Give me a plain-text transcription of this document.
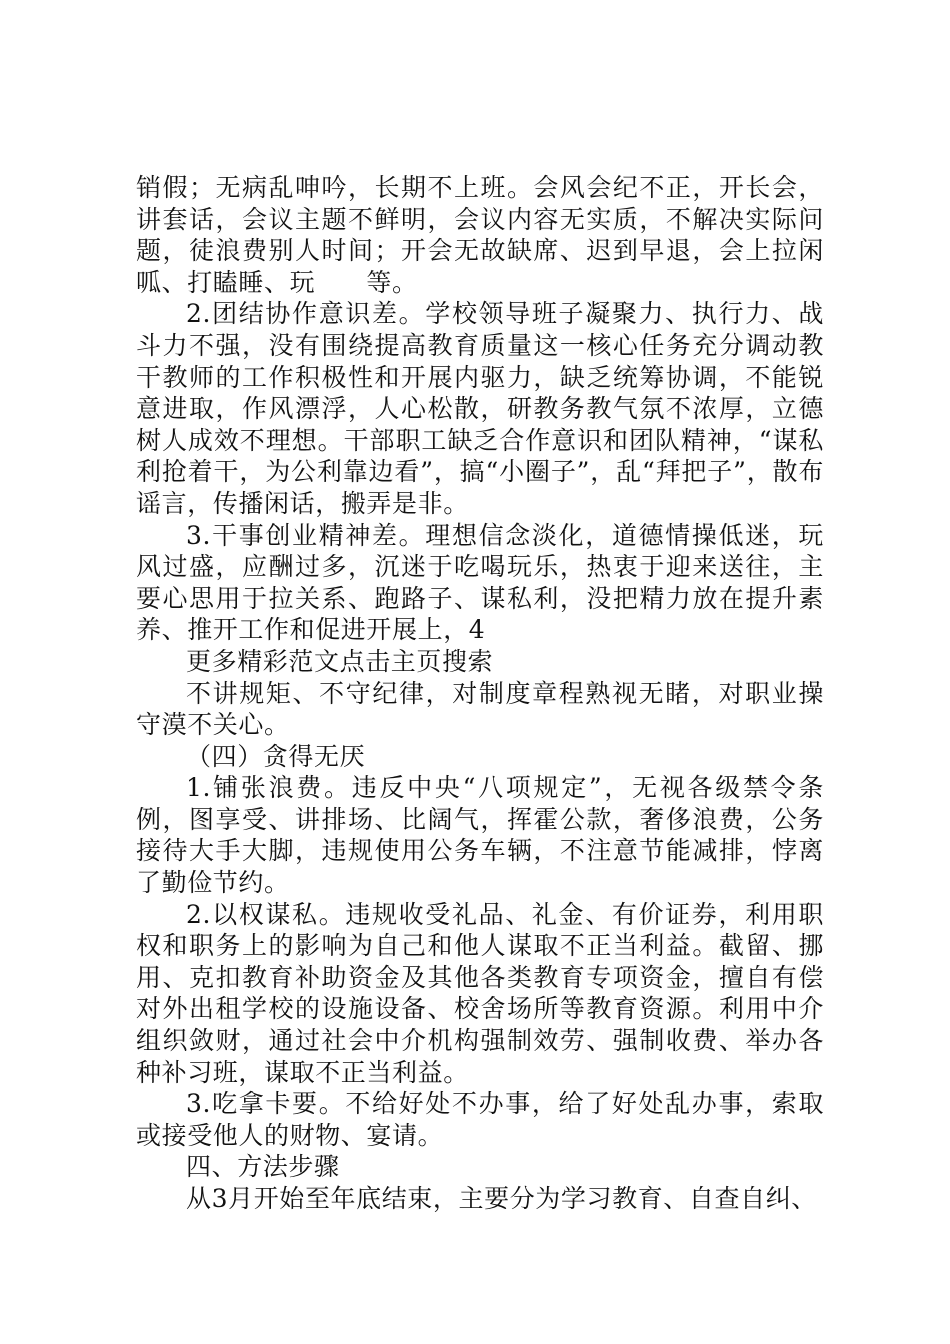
销假；无病乱呻吟，长期不上班。会风会纪不正，开长会，讲套话，会议主题不鲜明，会议内容无实质，不解决实际问题，徒浪费别人时间；开会无故缺席、迟到早退，会上拉闲呱、打瞌睡、玩　　等。

2.团结协作意识差。学校领导班子凝聚力、执行力、战斗力不强，没有围绕提高教育质量这一核心任务充分调动教干教师的工作积极性和开展内驱力，缺乏统筹协调，不能锐意进取，作风漂浮，人心松散，研教务教气氛不浓厚，立德树人成效不理想。干部职工缺乏合作意识和团队精神，“谋私利抢着干，为公利靠边看”，搞“小圈子”，乱“拜把子”，散布谣言，传播闲话，搬弄是非。

3.干事创业精神差。理想信念淡化，道德情操低迷，玩风过盛，应酬过多，沉迷于吃喝玩乐，热衷于迎来送往，主要心思用于拉关系、跑路子、谋私利，没把精力放在提升素养、推开工作和促进开展上，4

更多精彩范文点击主页搜索

不讲规矩、不守纪律，对制度章程熟视无睹，对职业操守漠不关心。

（四）贪得无厌

1.铺张浪费。违反中央“八项规定”，无视各级禁令条例，图享受、讲排场、比阔气，挥霍公款，奢侈浪费，公务接待大手大脚，违规使用公务车辆，不注意节能减排，悖离了勤俭节约。

2.以权谋私。违规收受礼品、礼金、有价证券，利用职权和职务上的影响为自己和他人谋取不正当利益。截留、挪用、克扣教育补助资金及其他各类教育专项资金，擅自有偿对外出租学校的设施设备、校舍场所等教育资源。利用中介组织敛财，通过社会中介机构强制效劳、强制收费、举办各种补习班，谋取不正当利益。

3.吃拿卡要。不给好处不办事，给了好处乱办事，索取或接受他人的财物、宴请。

四、方法步骤

从3月开始至年底结束，主要分为学习教育、自查自纠、
